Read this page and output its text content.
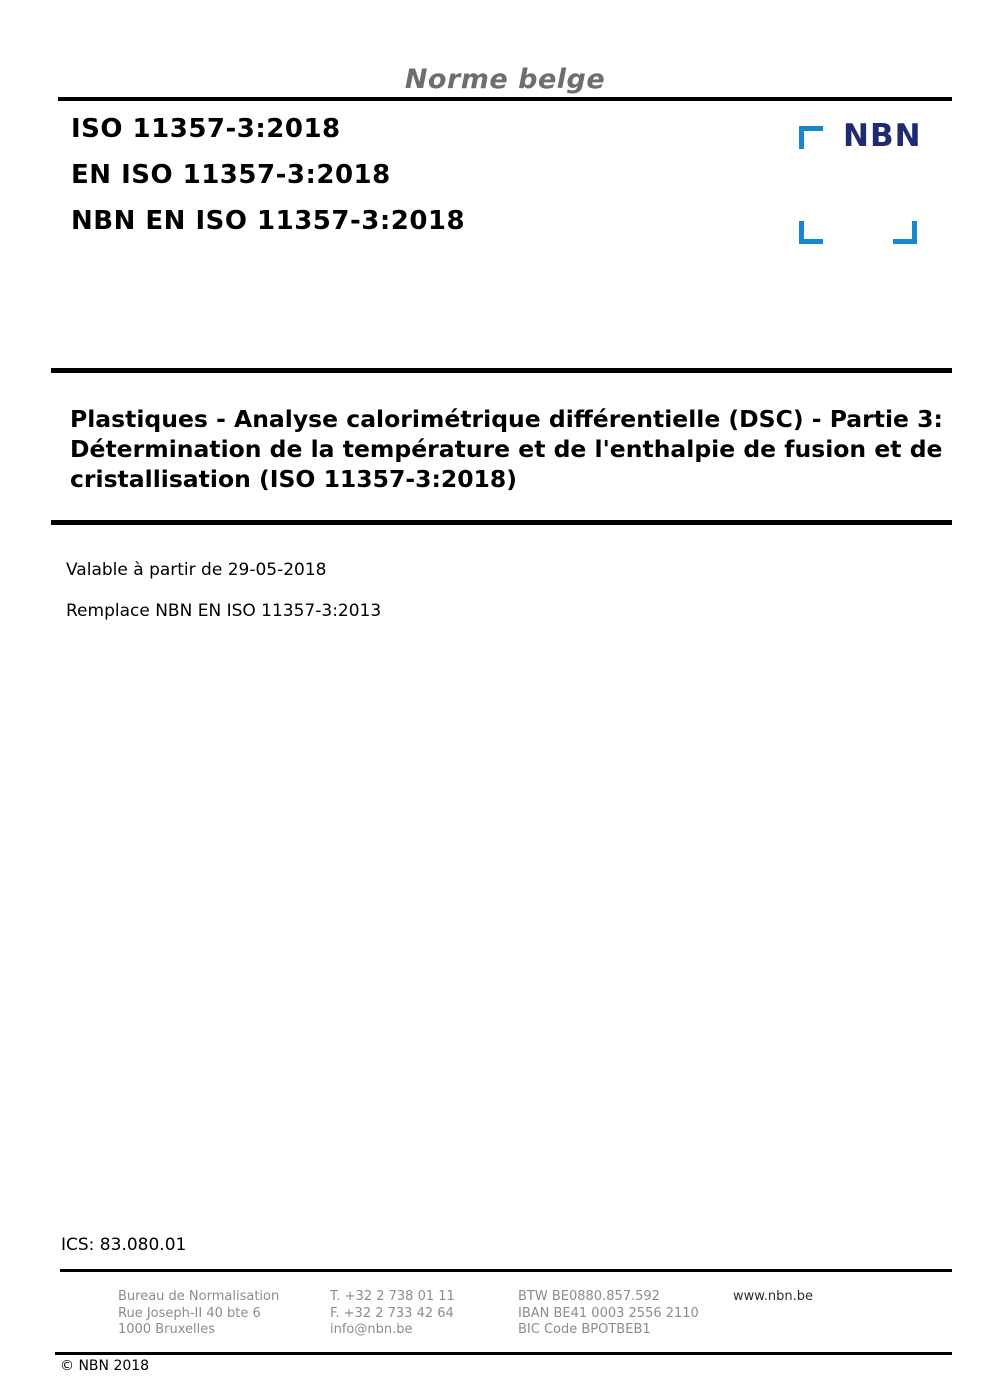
Norme belge
ISO 11357-3:2018
EN ISO 11357-3:2018
NBN EN ISO 11357-3:2018
NBN
Plastiques - Analyse calorimétrique différentielle (DSC) - Partie 3:
Détermination de la température et de l'enthalpie de fusion et de
cristallisation (ISO 11357-3:2018)
Valable à partir de 29-05-2018
Remplace NBN EN ISO 11357-3:2013
ICS: 83.080.01
Bureau de Normalisation
Rue Joseph-II 40 bte 6
1000 Bruxelles
T. +32 2 738 01 11
F. +32 2 733 42 64
info@nbn.be
BTW BE0880.857.592
IBAN BE41 0003 2556 2110
BIC Code BPOTBEB1
www.nbn.be
© NBN 2018
